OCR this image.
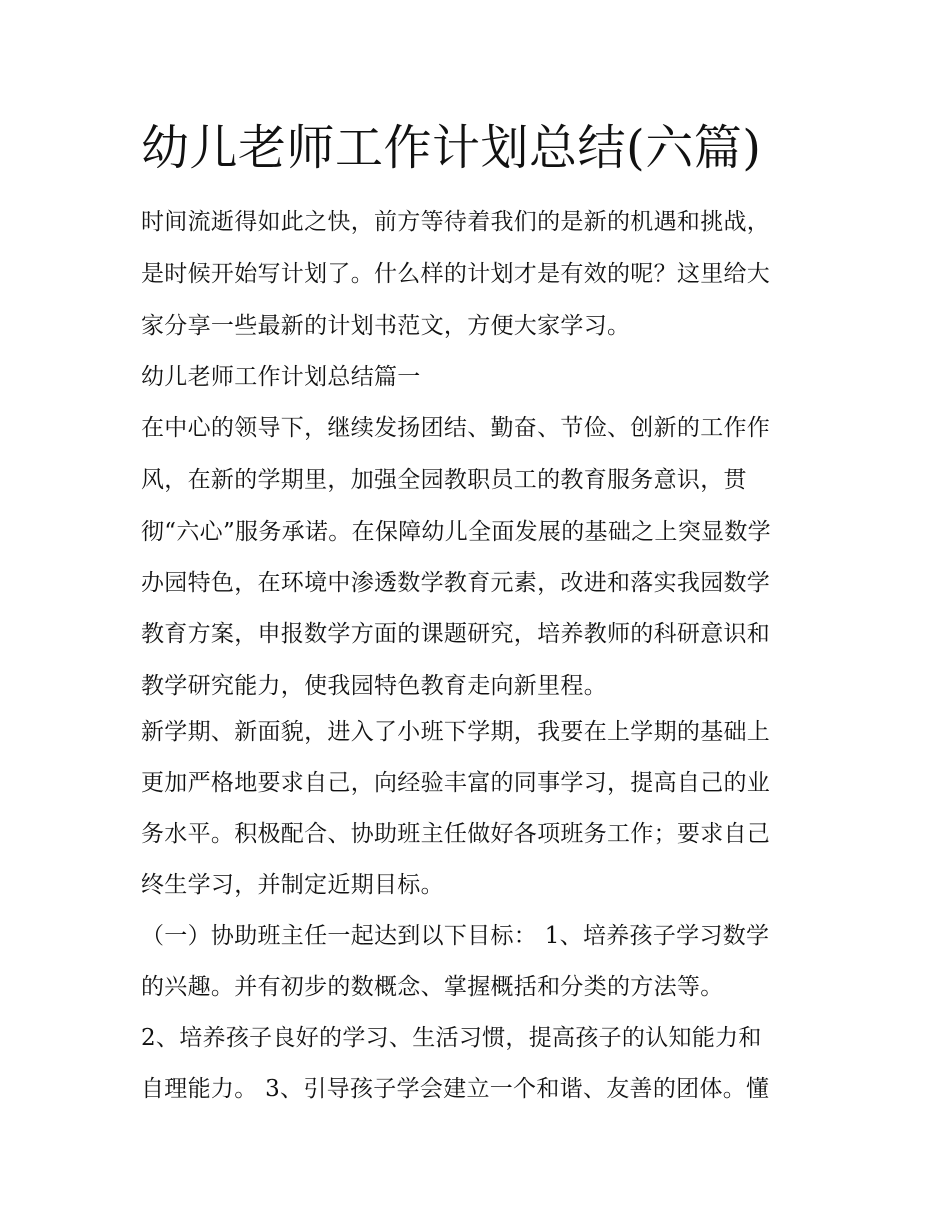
幼儿老师工作计划总结(六篇)

时间流逝得如此之快，前方等待着我们的是新的机遇和挑战，

是时候开始写计划了。什么样的计划才是有效的呢？这里给大

家分享一些最新的计划书范文，方便大家学习。

幼儿老师工作计划总结篇一

在中心的领导下，继续发扬团结、勤奋、节俭、创新的工作作

风，在新的学期里，加强全园教职员工的教育服务意识，贯

彻“六心”服务承诺。在保障幼儿全面发展的基础之上突显数学

办园特色，在环境中渗透数学教育元素，改进和落实我园数学

教育方案，申报数学方面的课题研究，培养教师的科研意识和

教学研究能力，使我园特色教育走向新里程。

新学期、新面貌，进入了小班下学期，我要在上学期的基础上

更加严格地要求自己，向经验丰富的同事学习，提高自己的业

务水平。积极配合、协助班主任做好各项班务工作；要求自己

终生学习，并制定近期目标。

（一）协助班主任一起达到以下目标： 1、培养孩子学习数学

的兴趣。并有初步的数概念、掌握概括和分类的方法等。

2、培养孩子良好的学习、生活习惯，提高孩子的认知能力和

自理能力。 3、引导孩子学会建立一个和谐、友善的团体。懂
